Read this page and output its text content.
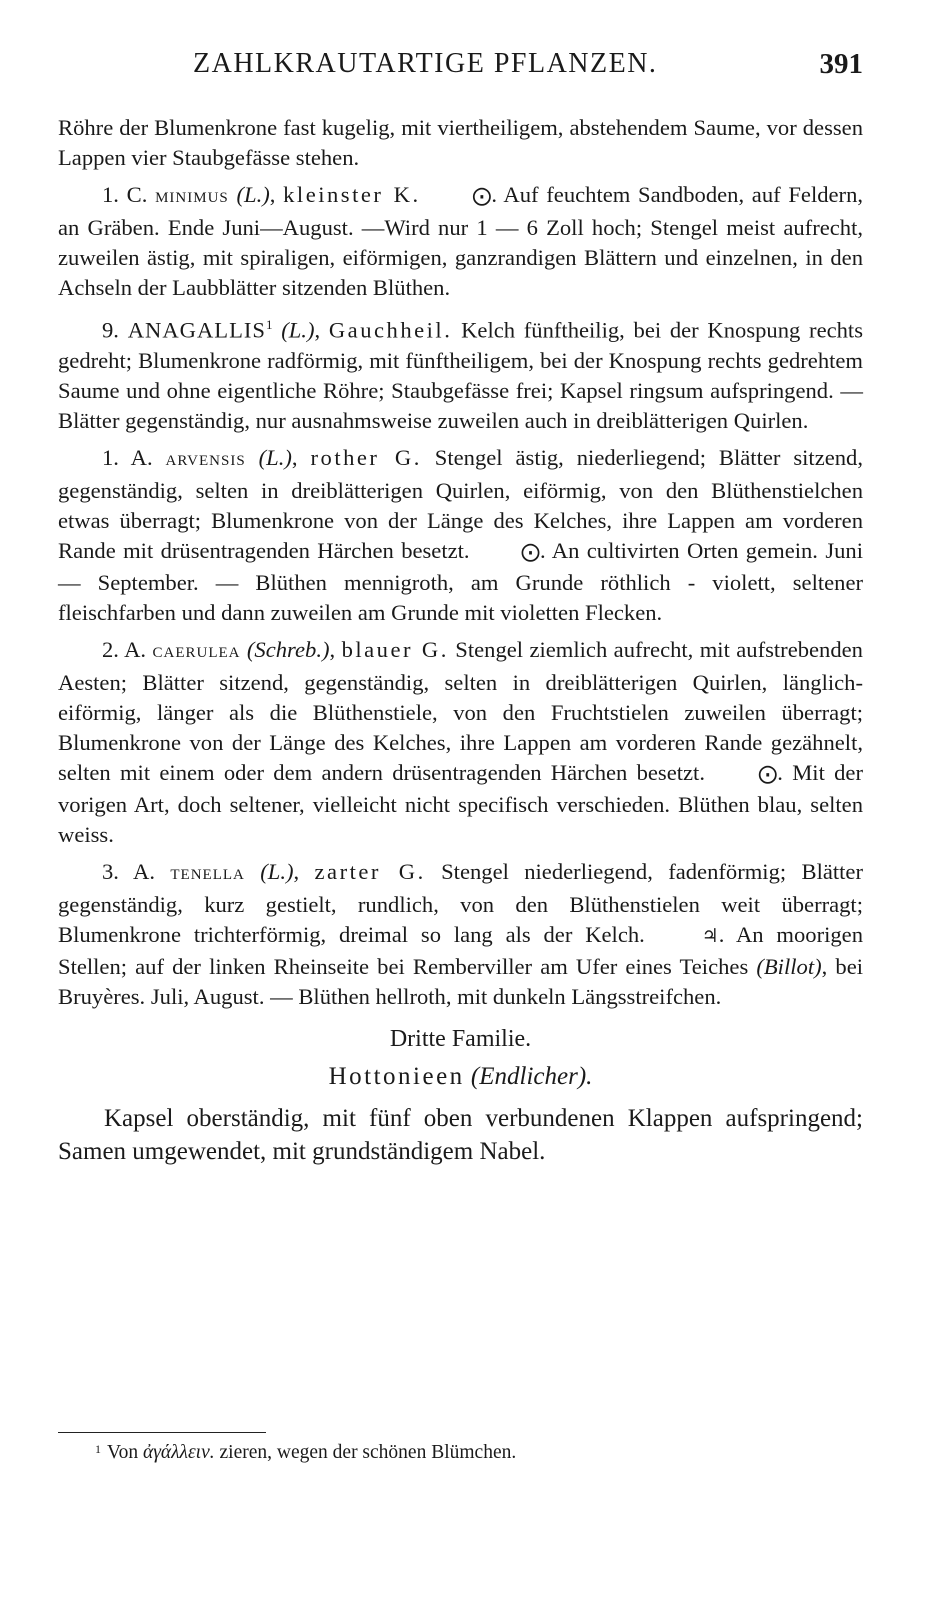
ZAHLKRAUTARTIGE PFLANZEN.	391

Röhre der Blumenkrone fast kugelig, mit viertheiligem, abstehendem Saume, vor dessen Lappen vier Staubgefässe stehen.

1. C. MINIMUS (L.), kleinster K.	⨀. Auf feuchtem Sandboden, auf Feldern, an Gräben. Ende Juni—August. —Wird nur 1 — 6 Zoll hoch; Stengel meist aufrecht, zuweilen ästig, mit spiraligen, eiförmigen, ganzrandigen Blättern und einzelnen, in den Achseln der Laubblätter sitzenden Blüthen.

9. ANAGALLIS$^1$ (L.), Gauchheil. Kelch fünftheilig, bei der Knospung rechts gedreht; Blumenkrone radförmig, mit fünftheiligem, bei der Knospung rechts gedrehtem Saume und ohne eigentliche Röhre; Staubgefässe frei; Kapsel ringsum aufspringend. — Blätter gegenständig, nur ausnahmsweise zuweilen auch in dreiblätterigen Quirlen.

1. A. ARVENSIS (L.), rother G. Stengel ästig, niederliegend; Blätter sitzend, gegenständig, selten in dreiblätterigen Quirlen, eiförmig, von den Blüthenstielchen etwas überragt; Blumenkrone von der Länge des Kelches, ihre Lappen am vorderen Rande mit drüsentragenden Härchen besetzt.	⨀. An cultivirten Orten gemein. Juni — September. — Blüthen mennigroth, am Grunde röthlich - violett, seltener fleischfarben und dann zuweilen am Grunde mit violetten Flecken.

2. A. CAERULEA (Schreb.), blauer G. Stengel ziemlich aufrecht, mit aufstrebenden Aesten; Blätter sitzend, gegenständig, selten in dreiblätterigen Quirlen, länglich-eiförmig, länger als die Blüthenstiele, von den Fruchtstielen zuweilen überragt; Blumenkrone von der Länge des Kelches, ihre Lappen am vorderen Rande gezähnelt, selten mit einem oder dem andern drüsentragenden Härchen besetzt.	⨀. Mit der vorigen Art, doch seltener, vielleicht nicht specifisch verschieden. Blüthen blau, selten weiss.

3. A. TENELLA (L.), zarter G. Stengel niederliegend, fadenförmig; Blätter gegenständig, kurz gestielt, rundlich, von den Blüthenstielen weit überragt; Blumenkrone trichterförmig, dreimal so lang als der Kelch.	♃. An moorigen Stellen; auf der linken Rheinseite bei Remberviller am Ufer eines Teiches (Billot), bei Bruyères. Juli, August. — Blüthen hellroth, mit dunkeln Längsstreifchen.

Dritte Familie.
Hottonieen (Endlicher).

Kapsel oberständig, mit fünf oben verbundenen Klappen aufspringend; Samen umgewendet, mit grundständigem Nabel.

$^1$ Von ἀγάλλειν. zieren, wegen der schönen Blümchen.
